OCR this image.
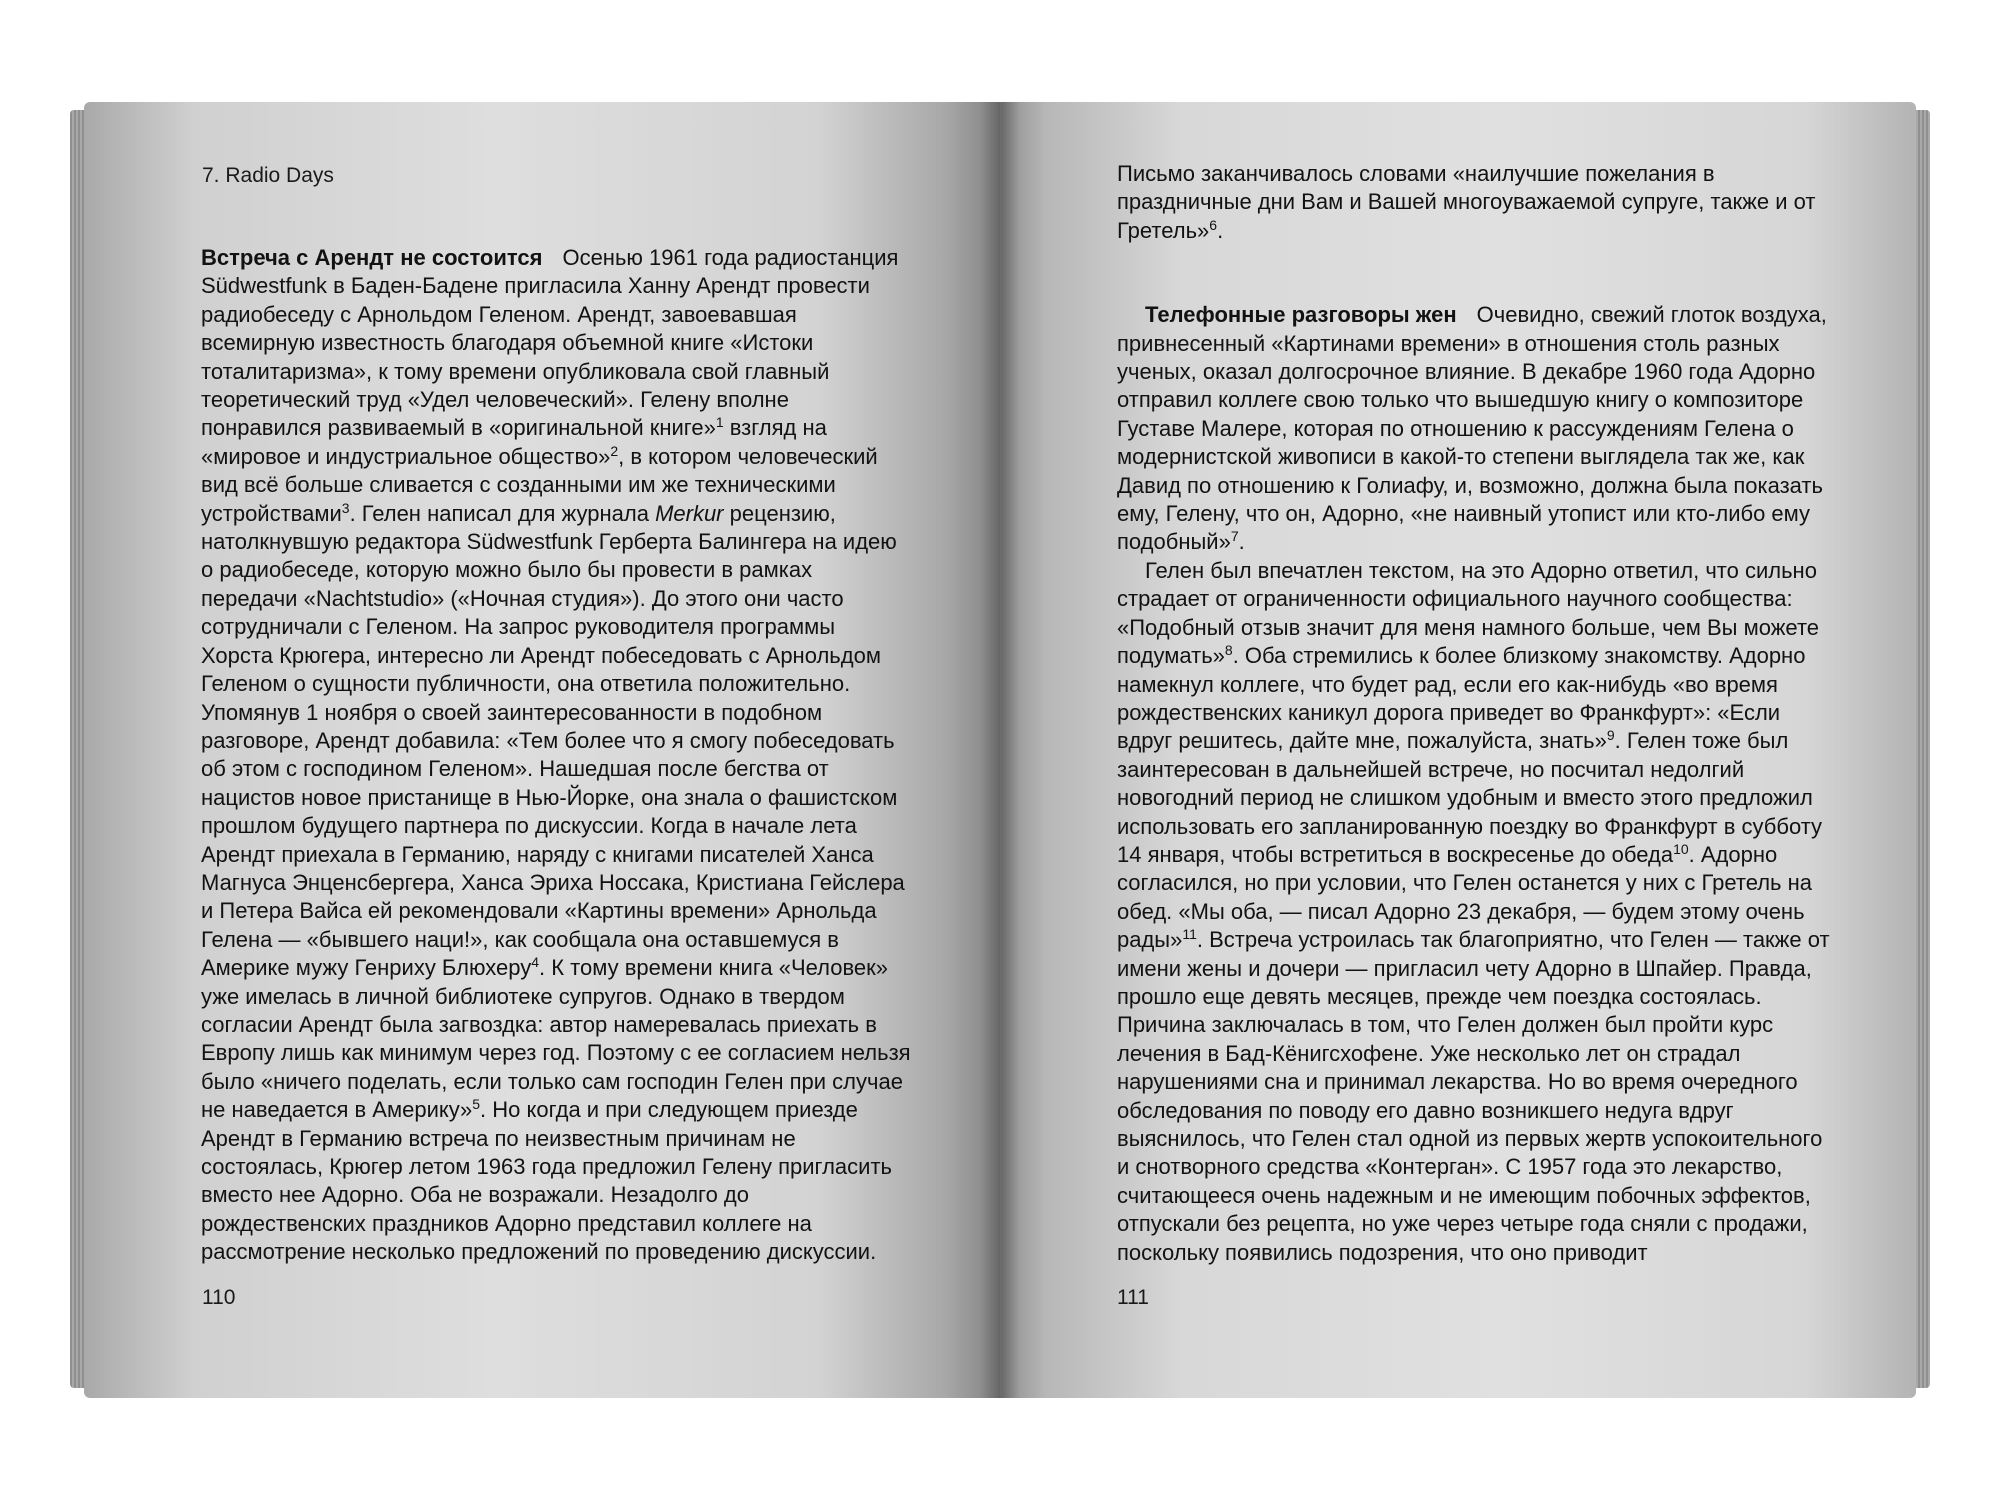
7. Radio Days

Встреча с Арендт не состоится Осенью 1961 года радиостанция Südwestfunk в Баден-Бадене пригласила Ханну Арендт провести радиобеседу с Арнольдом Геленом. Арендт, завоевавшая всемирную известность благодаря объемной книге «Истоки тоталитаризма», к тому времени опубликовала свой главный теоретический труд «Удел человеческий». Гелену вполне понравился развиваемый в «оригинальной книге»$^1$ взгляд на «мировое и индустриальное общество»$^2$, в котором человеческий вид всё больше сливается с созданными им же техническими устройствами$^3$. Гелен написал для журнала Merkur рецензию, натолкнувшую редактора Südwestfunk Герберта Балингера на идею о радиобеседе, которую можно было бы провести в рамках передачи «Nachtstudio» («Ночная студия»). До этого они часто сотрудничали с Геленом. На запрос руководителя программы Хорста Крюгера, интересно ли Арендт побеседовать с Арнольдом Геленом о сущности публичности, она ответила положительно. Упомянув 1 ноября о своей заинтересованности в подобном разговоре, Арендт добавила: «Тем более что я смогу побеседовать об этом с господином Геленом». Нашедшая после бегства от нацистов новое пристанище в Нью-Йорке, она знала о фашистском прошлом будущего партнера по дискуссии. Когда в начале лета Арендт приехала в Германию, наряду с книгами писателей Ханса Магнуса Энценсбергера, Ханса Эриха Носсака, Кристиана Гейслера и Петера Вайса ей рекомендовали «Картины времени» Арнольда Гелена — «бывшего наци!», как сообщала она оставшемуся в Америке мужу Генриху Блюхеру$^4$. К тому времени книга «Человек» уже имелась в личной библиотеке супругов. Однако в твердом согласии Арендт была загвоздка: автор намеревалась приехать в Европу лишь как минимум через год. Поэтому с ее согласием нельзя было «ничего поделать, если только сам господин Гелен при случае не наведается в Америку»$^5$. Но когда и при следующем приезде Арендт в Германию встреча по неизвестным причинам не состоялась, Крюгер летом 1963 года предложил Гелену пригласить вместо нее Адорно. Оба не возражали. Незадолго до рождественских праздников Адорно представил коллеге на рассмотрение несколько предложений по проведению дискуссии.

110

Письмо заканчивалось словами «наилучшие пожелания в праздничные дни Вам и Вашей многоуважаемой супруге, также и от Гретель»$^6$.

Телефонные разговоры жен Очевидно, свежий глоток воздуха, привнесенный «Картинами времени» в отношения столь разных ученых, оказал долгосрочное влияние. В декабре 1960 года Адорно отправил коллеге свою только что вышедшую книгу о композиторе Густаве Малере, которая по отношению к рассуждениям Гелена о модернистской живописи в какой-то степени выглядела так же, как Давид по отношению к Голиафу, и, возможно, должна была показать ему, Гелену, что он, Адорно, «не наивный утопист или кто-либо ему подобный»$^7$.

Гелен был впечатлен текстом, на это Адорно ответил, что сильно страдает от ограниченности официального научного сообщества: «Подобный отзыв значит для меня намного больше, чем Вы можете подумать»$^8$. Оба стремились к более близкому знакомству. Адорно намекнул коллеге, что будет рад, если его как-нибудь «во время рождественских каникул дорога приведет во Франкфурт»: «Если вдруг решитесь, дайте мне, пожалуйста, знать»$^9$. Гелен тоже был заинтересован в дальнейшей встрече, но посчитал недолгий новогодний период не слишком удобным и вместо этого предложил использовать его запланированную поездку во Франкфурт в субботу 14 января, чтобы встретиться в воскресенье до обеда$^{10}$. Адорно согласился, но при условии, что Гелен останется у них с Гретель на обед. «Мы оба, — писал Адорно 23 декабря, — будем этому очень рады»$^{11}$. Встреча устроилась так благоприятно, что Гелен — также от имени жены и дочери — пригласил чету Адорно в Шпайер. Правда, прошло еще девять месяцев, прежде чем поездка состоялась. Причина заключалась в том, что Гелен должен был пройти курс лечения в Бад-Кёнигсхофене. Уже несколько лет он страдал нарушениями сна и принимал лекарства. Но во время очередного обследования по поводу его давно возникшего недуга вдруг выяснилось, что Гелен стал одной из первых жертв успокоительного и снотворного средства «Контерган». С 1957 года это лекарство, считающееся очень надежным и не имеющим побочных эффектов, отпускали без рецепта, но уже через четыре года сняли с продажи, поскольку появились подозрения, что оно приводит

111
